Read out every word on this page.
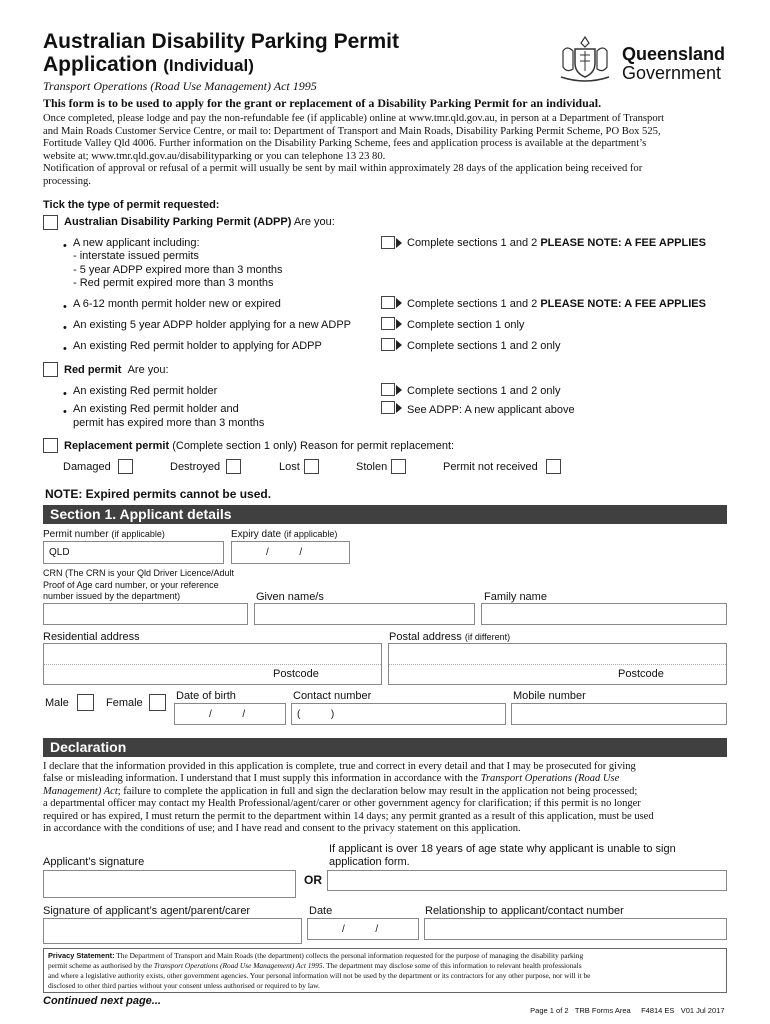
Australian Disability Parking Permit
Application (Individual)
Transport Operations (Road Use Management) Act 1995
Queensland
Government
This form is to be used to apply for the grant or replacement of a Disability Parking Permit for an individual.
Once completed, please lodge and pay the non-refundable fee (if applicable) online at www.tmr.qld.gov.au, in person at a Department of Transport
and Main Roads Customer Service Centre, or mail to: Department of Transport and Main Roads, Disability Parking Permit Scheme, PO Box 525,
Fortitude Valley Qld 4006. Further information on the Disability Parking Scheme, fees and application process is available at the department’s
website at; www.tmr.qld.gov.au/disabilityparking or you can telephone 13 23 80.
Notification of approval or refusal of a permit will usually be sent by mail within approximately 28 days of the application being received for
processing.
Tick the type of permit requested:
Australian Disability Parking Permit (ADPP) Are you:
• A new applicant including:
- interstate issued permits
- 5 year ADPP expired more than 3 months
- Red permit expired more than 3 months
Complete sections 1 and 2 PLEASE NOTE: A FEE APPLIES
• A 6-12 month permit holder new or expired	Complete sections 1 and 2 PLEASE NOTE: A FEE APPLIES
• An existing 5 year ADPP holder applying for a new ADPP	Complete section 1 only
• An existing Red permit holder to applying for ADPP	Complete sections 1 and 2 only
Red permit Are you:
• An existing Red permit holder	Complete sections 1 and 2 only
• An existing Red permit holder and
permit has expired more than 3 months
See ADPP: A new applicant above
Replacement permit (Complete section 1 only) Reason for permit replacement:
Damaged	Destroyed	Lost	Stolen	Permit not received
NOTE: Expired permits cannot be used.
Section 1. Applicant details
Permit number (if applicable)
QLD
Expiry date (if applicable)
/           /
CRN (The CRN is your Qld Driver Licence/Adult
Proof of Age card number, or your reference
number issued by the department)	Given name/s	Family name
Residential address	Postal address (if different)
Postcode	Postcode
Male	Female
Date of birth
/           /
Contact number
(           )
Mobile number
Declaration
I declare that the information provided in this application is complete, true and correct in every detail and that I may be prosecuted for giving
false or misleading information. I understand that I must supply this information in accordance with the Transport Operations (Road Use
Management) Act; failure to complete the application in full and sign the declaration below may result in the application not being processed;
a departmental officer may contact my Health Professional/agent/carer or other government agency for clarification; if this permit is no longer
required or has expired, I must return the permit to the department within 14 days; any permit granted as a result of this application, must be used
in accordance with the conditions of use; and I have read and consent to the privacy statement on this application.
If applicant is over 18 years of age state why applicant is unable to sign
application form.
Applicant’s signature
OR
Signature of applicant’s agent/parent/carer	Date	Relationship to applicant/contact number
/           /
Privacy Statement: The Department of Transport and Main Roads (the department) collects the personal information requested for the purpose of managing the disability parking
permit scheme as authorised by the Transport Operations (Road Use Management) Act 1995. The department may disclose some of this information to relevant health professionals
and where a legislative authority exists, other government agencies. Your personal information will not be used by the department or its contractors for any other purpose, nor will it be
disclosed to other third parties without your consent unless authorised or required to by law.
Continued next page...

Page 1 of 2 TRB Forms Area F4814 ES V01 Jul 2017
